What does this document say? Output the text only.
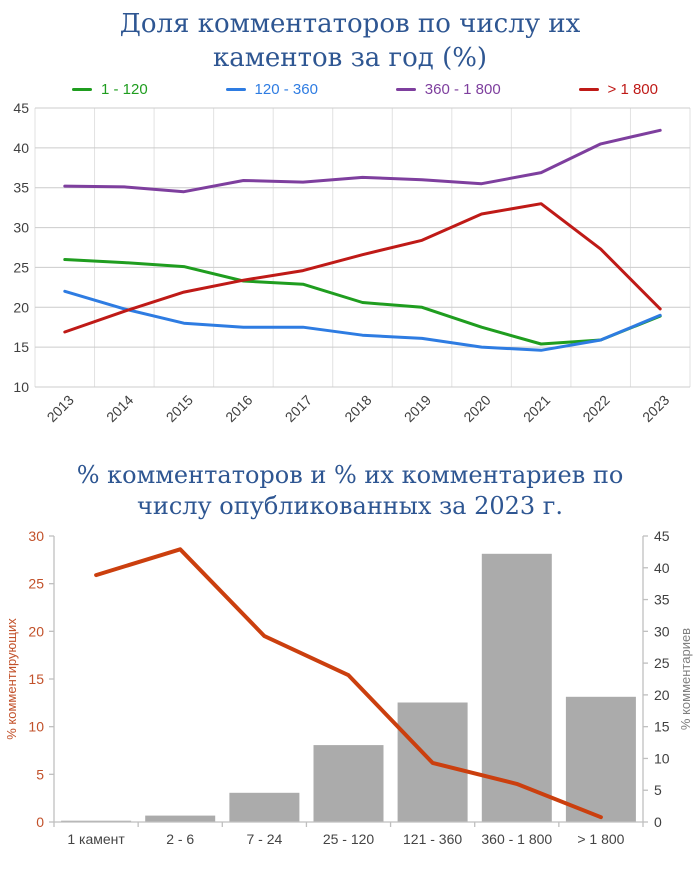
Доля комментаторов по числу их
каментов за год (%)
1 - 120	120 - 360	360 - 1 800	> 1 800
45
40
35
30
25
20
15
10
2013 2014 2015 2016 2017 2018 2019 2020 2021 2022 2023
% комментаторов и % их комментариев по
числу опубликованных за 2023 г.
30
25
20
15
10
5
0
45
40
35
30
25
20
15
10
5
0
1 камент	2 - 6	7 - 24	25 - 120 121 - 360 360 - 1 800 > 1 800
% комментирующих	% комментариев
